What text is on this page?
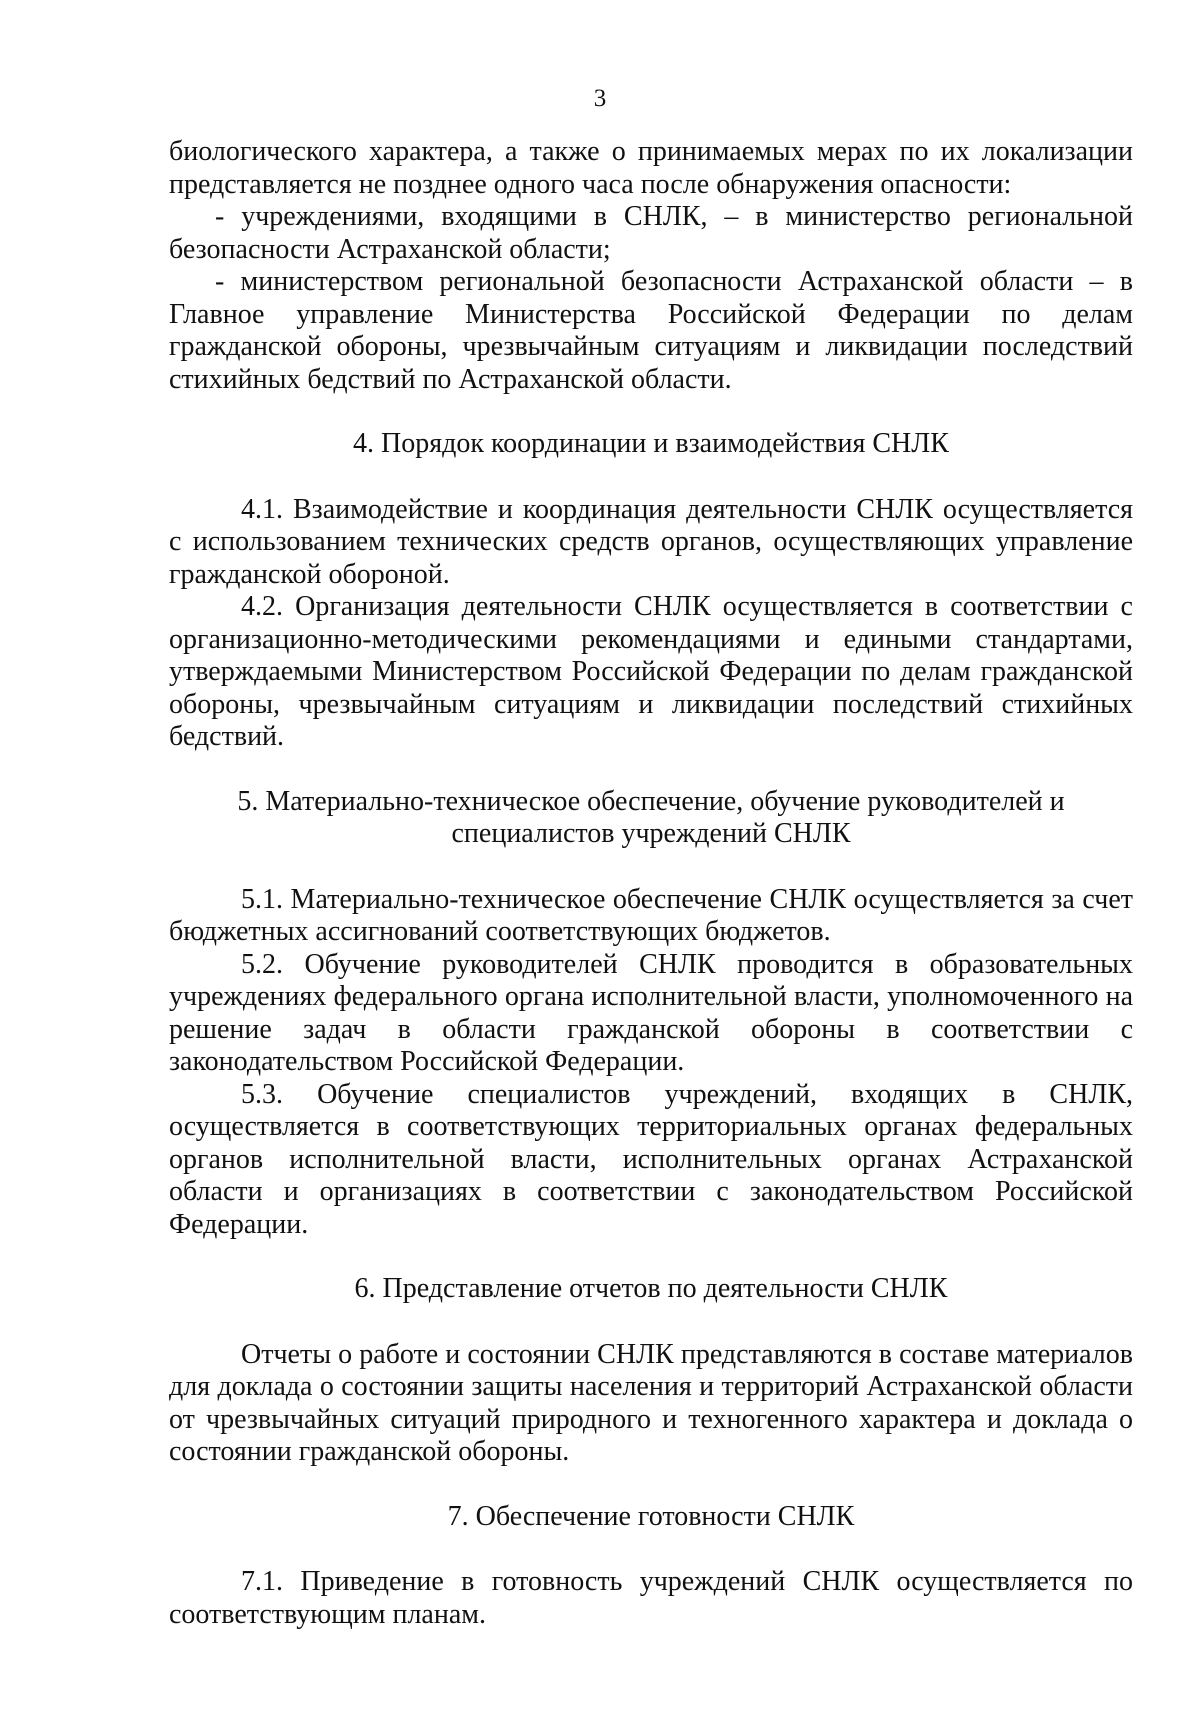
3

биологического характера, а также о принимаемых мерах по их локализации представляется не позднее одного часа после обнаружения опасности:

- учреждениями, входящими в СНЛК, – в министерство региональной безопасности Астраханской области;

- министерством региональной безопасности Астраханской области – в Главное управление Министерства Российской Федерации по делам гражданской обороны, чрезвычайным ситуациям и ликвидации последствий стихийных бедствий по Астраханской области.

4. Порядок координации и взаимодействия СНЛК

4.1. Взаимодействие и координация деятельности СНЛК осуществляется с использованием технических средств органов, осуществляющих управление гражданской обороной.

4.2. Организация деятельности СНЛК осуществляется в соответствии с организационно-методическими рекомендациями и едиными стандартами, утверждаемыми Министерством Российской Федерации по делам гражданской обороны, чрезвычайным ситуациям и ликвидации последствий стихийных бедствий.

5. Материально-техническое обеспечение, обучение руководителей и специалистов учреждений СНЛК

5.1. Материально-техническое обеспечение СНЛК осуществляется за счет бюджетных ассигнований соответствующих бюджетов.

5.2. Обучение руководителей СНЛК проводится в образовательных учреждениях федерального органа исполнительной власти, уполномоченного на решение задач в области гражданской обороны в соответствии с законодательством Российской Федерации.

5.3. Обучение специалистов учреждений, входящих в СНЛК, осуществляется в соответствующих территориальных органах федеральных органов исполнительной власти, исполнительных органах Астраханской области и организациях в соответствии с законодательством Российской Федерации.

6. Представление отчетов по деятельности СНЛК

Отчеты о работе и состоянии СНЛК представляются в составе материалов для доклада о состоянии защиты населения и территорий Астраханской области от чрезвычайных ситуаций природного и техногенного характера и доклада о состоянии гражданской обороны.

7. Обеспечение готовности СНЛК

7.1. Приведение в готовность учреждений СНЛК осуществляется по соответствующим планам.
